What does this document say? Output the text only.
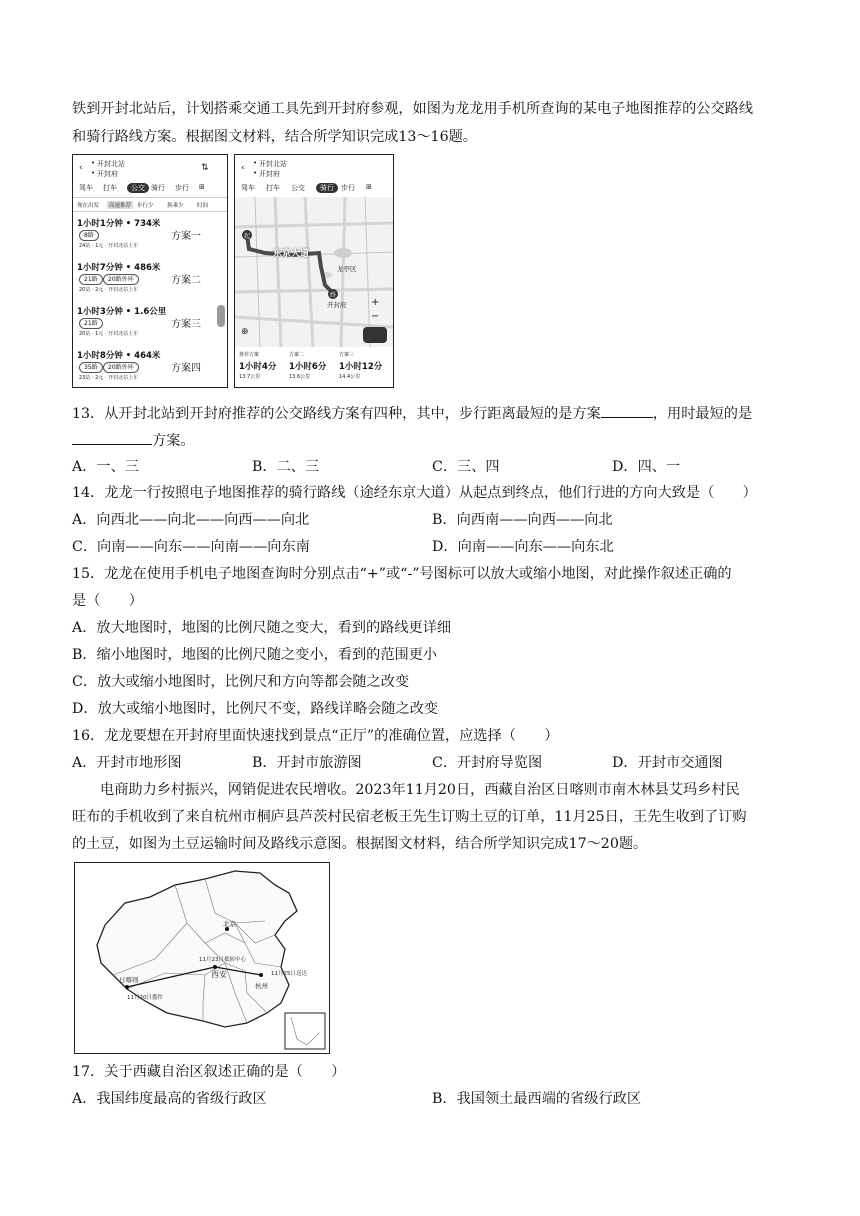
铁到开封北站后，计划搭乘交通工具先到开封府参观，如图为龙龙用手机所查询的某电子地图推荐的公交路线
和骑行路线方案。根据图文材料，结合所学知识完成13～16题。
• 开封北站
• 开封府
‹	⇅
驾车 打车	公交 骑行 步行 ⊞
现在出发	高速推荐	步行少 换乘少 时间
1小时1分钟 • 734米
8路
24站 · 1元 · 开封北站上车
方案一
1小时7分钟 • 486米
21路	20路外环
20站 · 2元 · 开封北站上车
方案二
1小时3分钟 • 1.6公里
21路
20站 · 1元 · 开封北站上车
方案三
1小时8分钟 • 464米
35路	20路外环
23站 · 2元 · 开封北站上车
方案四
‹ • 开封北站
• 开封府
驾车 打车 公交	骑行	步行 ⊞
起
终
东京大道
开封府
龙亭区
+
−
⊕
推荐方案
1小时4分
13.7公里
方案二
1小时6分
13.6公里
方案三
1小时12分
14.4公里
13．从开封北站到开封府推荐的公交路线方案有四种，其中，步行距离最短的是方案	，用时最短的是
方案。
A．一、三	B．二、三	C．三、四	D．四、一
14．龙龙一行按照电子地图推荐的骑行路线（途经东京大道）从起点到终点，他们行进的方向大致是（　　）
A．向西北——向北——向西——向北	B．向西南——向西——向北
C．向南——向东——向南——向东南	D．向南——向东——向东北
15．龙龙在使用手机电子地图查询时分别点击“+”或“-”号图标可以放大或缩小地图，对此操作叙述正确的
是（　　）
A．放大地图时，地图的比例尺随之变大，看到的路线更详细
B．缩小地图时，地图的比例尺随之变小，看到的范围更小
C．放大或缩小地图时，比例尺和方向等都会随之改变
D．放大或缩小地图时，比例尺不变，路线详略会随之改变
16．龙龙要想在开封府里面快速找到景点“正厅”的准确位置，应选择（　　）
A．开封市地形图	B．开封市旅游图	C．开封府导览图	D．开封市交通图
电商助力乡村振兴，网销促进农民增收。2023年11月20日，西藏自治区日喀则市南木林县艾玛乡村民
旺布的手机收到了来自杭州市桐庐县芦茨村民宿老板王先生订购土豆的订单，11月25日，王先生收到了订购
的土豆，如图为土豆运输时间及路线示意图。根据图文材料，结合所学知识完成17～20题。
北京
11月23日抵转中心
西安
日喀则
11月20日揽件
杭州
11月25日送达
17．关于西藏自治区叙述正确的是（　　）
A．我国纬度最高的省级行政区	B．我国领土最西端的省级行政区
